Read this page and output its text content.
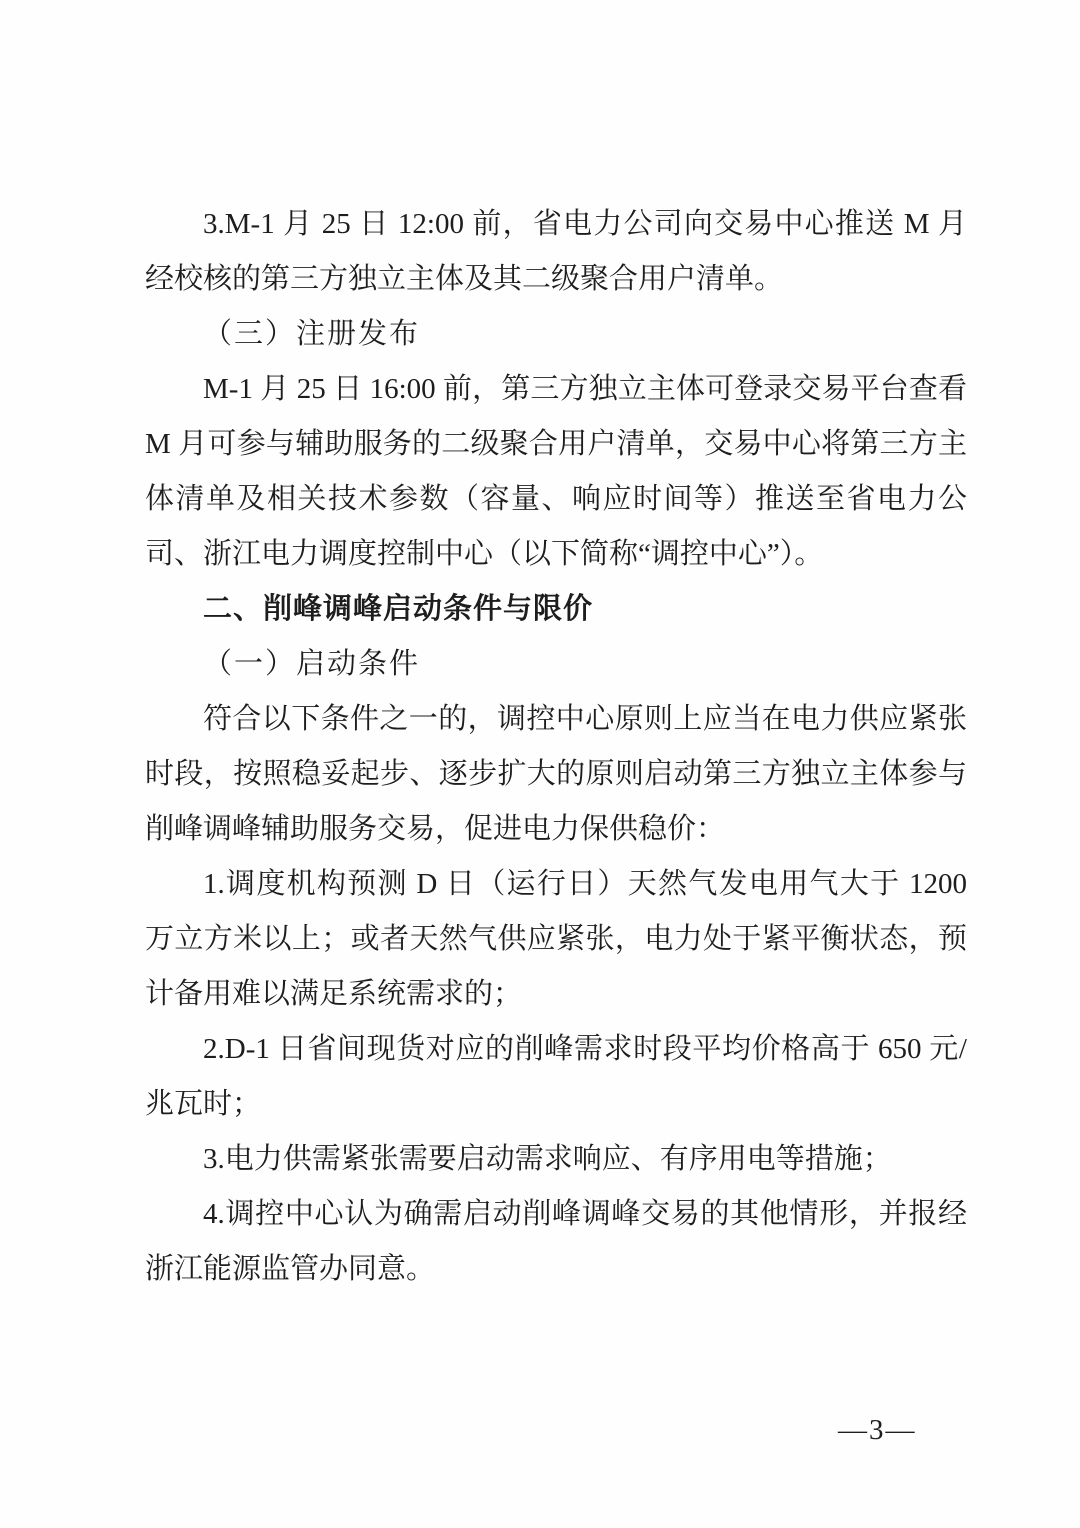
3.M-1 月 25 日 12:00 前，省电力公司向交易中心推送 M 月经校核的第三方独立主体及其二级聚合用户清单。

（三）注册发布

M-1 月 25 日 16:00 前，第三方独立主体可登录交易平台查看 M 月可参与辅助服务的二级聚合用户清单，交易中心将第三方主体清单及相关技术参数（容量、响应时间等）推送至省电力公司、浙江电力调度控制中心（以下简称“调控中心”）。

二、削峰调峰启动条件与限价

（一）启动条件

符合以下条件之一的，调控中心原则上应当在电力供应紧张时段，按照稳妥起步、逐步扩大的原则启动第三方独立主体参与削峰调峰辅助服务交易，促进电力保供稳价：

1.调度机构预测 D 日（运行日）天然气发电用气大于 1200 万立方米以上；或者天然气供应紧张，电力处于紧平衡状态，预计备用难以满足系统需求的；

2.D-1 日省间现货对应的削峰需求时段平均价格高于 650 元/兆瓦时；

3.电力供需紧张需要启动需求响应、有序用电等措施；

4.调控中心认为确需启动削峰调峰交易的其他情形，并报经浙江能源监管办同意。

—3—
